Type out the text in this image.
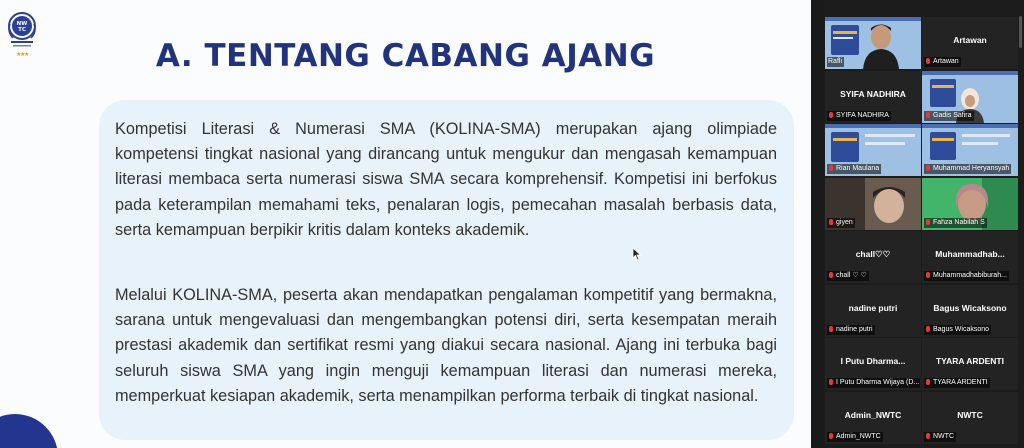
NW
TC
★
★
★	A. TENTANG CABANG AJANG

Kompetisi Literasi & Numerasi SMA (KOLINA-SMA) merupakan ajang olimpiade kompetensi tingkat nasional yang dirancang untuk mengukur dan mengasah kemampuan literasi membaca serta numerasi siswa SMA secara komprehensif. Kompetisi ini berfokus pada keterampilan memahami teks, penalaran logis, pemecahan masalah berbasis data, serta kemampuan berpikir kritis dalam konteks akademik.

Melalui KOLINA-SMA, peserta akan mendapatkan pengalaman kompetitif yang bermakna, sarana untuk mengevaluasi dan mengembangkan potensi diri, serta kesempatan meraih prestasi akademik dan sertifikat resmi yang diakui secara nasional. Ajang ini terbuka bagi seluruh siswa SMA yang ingin menguji kemampuan literasi dan numerasi mereka, memperkuat kesiapan akademik, serta menampilkan performa terbaik di tingkat nasional.

Rafli
Artawan
Artawan
SYIFA NADHIRA
SYIFA NADHIRA	Gadis Safira
Rian Maulana	Muhammad Heryansyah
giyen	Fahza Nabilah S
chall♡♡
chall ♡ ♡
Muhammadhab...
Muhammadhabiburah...
nadine putri
nadine putri
Bagus Wicaksono
Bagus Wicaksono
I Putu Dharma...
I Putu Dharma Wijaya (D...
TYARA ARDENTI
TYARA ARDENTI
Admin_NWTC
Admin_NWTC
NWTC
NWTC
